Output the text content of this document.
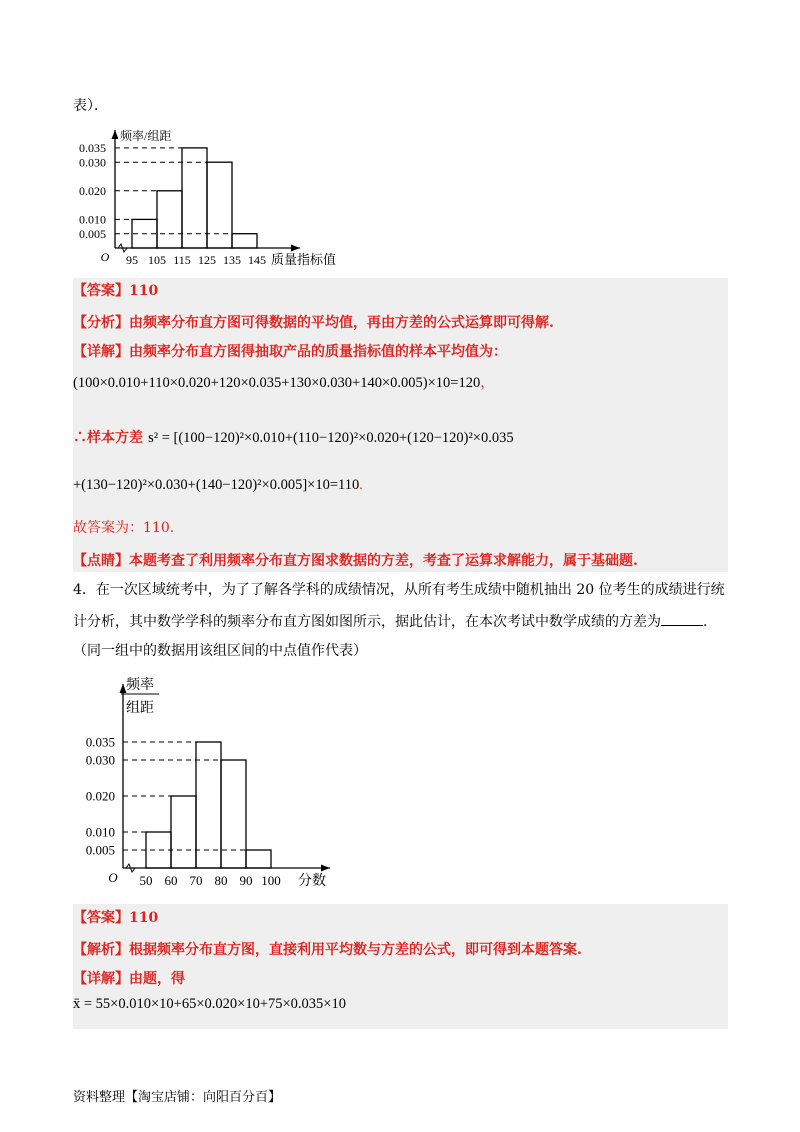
表）．
0.035
0.030
0.020
0.010
0.005
95 105 115 125 135 145
O	质量指标值
频率/组距
【答案】110
【分析】由频率分布直方图可得数据的平均值，再由方差的公式运算即可得解.
【详解】由频率分布直方图得抽取产品的质量指标值的样本平均值为：
(100×0.010+110×0.020+120×0.035+130×0.030+140×0.005)×10=120，
∴样本方差 s² = [(100−120)²×0.010+(110−120)²×0.020+(120−120)²×0.035
+(130−120)²×0.030+(140−120)²×0.005]×10=110.
故答案为：110.
【点睛】本题考查了利用频率分布直方图求数据的方差，考查了运算求解能力，属于基础题.
4．在一次区域统考中，为了了解各学科的成绩情况，从所有考生成绩中随机抽出 20 位考生的成绩进行统
计分析，其中数学学科的频率分布直方图如图所示，据此估计，在本次考试中数学成绩的方差为	.
（同一组中的数据用该组区间的中点值作代表）
0.035
0.030
0.020
0.010
0.005
50 60 70 80 90 100
O	分数
频率
组距
【答案】110
【解析】根据频率分布直方图，直接利用平均数与方差的公式，即可得到本题答案.
【详解】由题，得
x̄ = 55×0.010×10+65×0.020×10+75×0.035×10
资料整理【淘宝店铺：向阳百分百】
